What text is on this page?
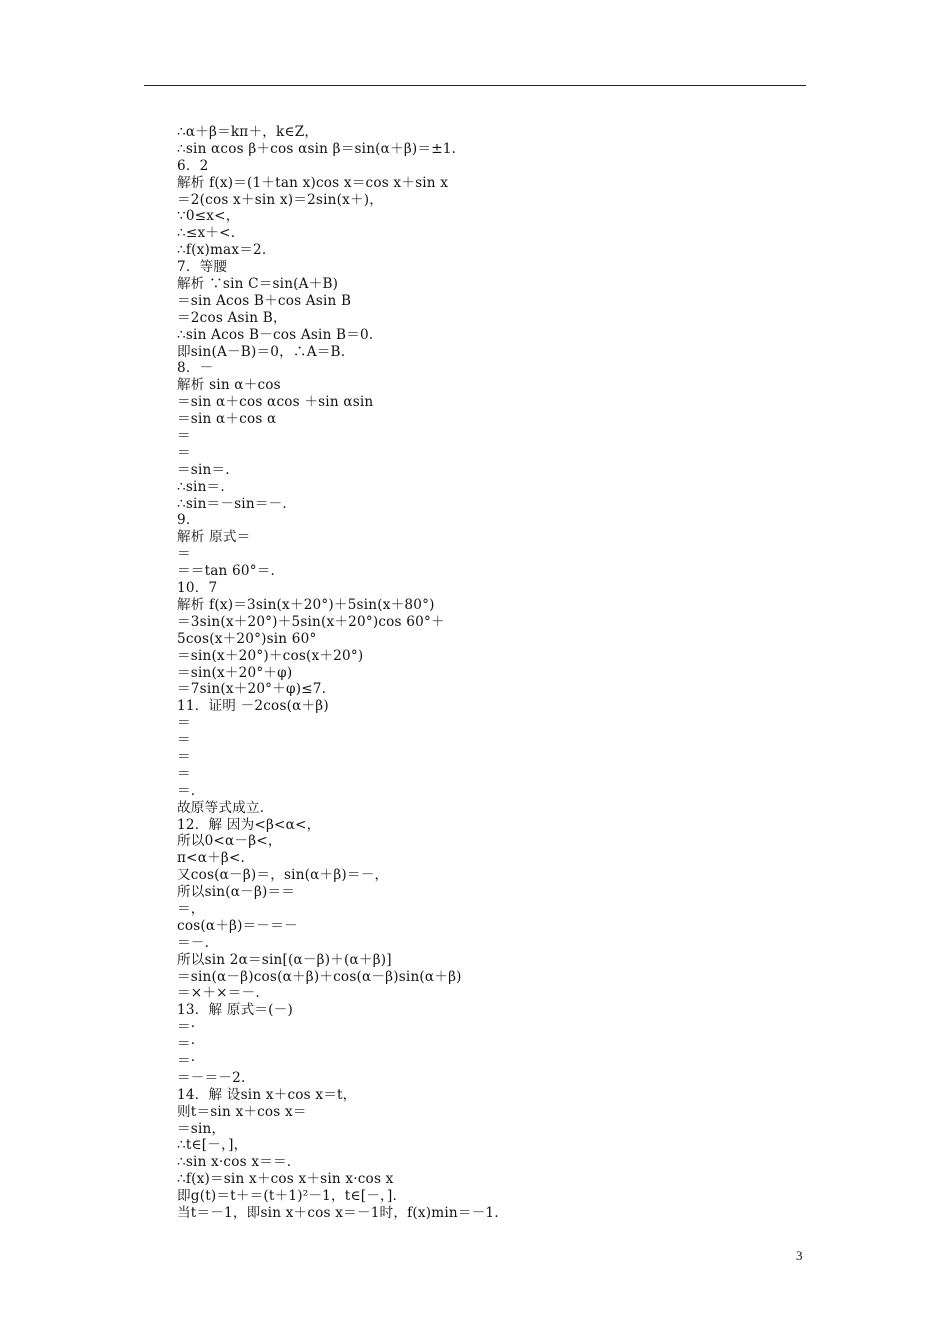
∴α＋β＝kπ＋，k∈Z，
∴sin αcos β＋cos αsin β＝sin(α＋β)＝±1.
6．2
解析 f(x)＝(1＋tan x)cos x＝cos x＋sin x
＝2(cos x＋sin x)＝2sin(x＋)，
∵0≤x<，
∴≤x＋<.
∴f(x)max＝2.
7．等腰
解析 ∵sin C＝sin(A＋B)
＝sin Acos B＋cos Asin B
＝2cos Asin B，
∴sin Acos B－cos Asin B＝0.
即sin(A－B)＝0，∴A＝B.
8．－
解析 sin α＋cos
＝sin α＋cos αcos ＋sin αsin
＝sin α＋cos α
＝
＝
＝sin＝.
∴sin＝.
∴sin＝－sin＝－.
9.
解析 原式＝
＝
＝＝tan 60°＝.
10．7
解析 f(x)＝3sin(x＋20°)＋5sin(x＋80°)
＝3sin(x＋20°)＋5sin(x＋20°)cos 60°＋
5cos(x＋20°)sin 60°
＝sin(x＋20°)＋cos(x＋20°)
＝sin(x＋20°＋φ)
＝7sin(x＋20°＋φ)≤7.
11．证明 －2cos(α＋β)
＝
＝
＝
＝
＝.
故原等式成立.
12．解 因为<β<α<，
所以0<α－β<，
π<α＋β<.
又cos(α－β)＝，sin(α＋β)＝－，
所以sin(α－β)＝＝
＝，
cos(α＋β)＝－＝－
＝－.
所以sin 2α＝sin[(α－β)＋(α＋β)]
＝sin(α－β)cos(α＋β)＋cos(α－β)sin(α＋β)
＝×＋×＝－.
13．解 原式＝(－)
＝·
＝·
＝·
＝－＝－2.
14．解 设sin x＋cos x＝t，
则t＝sin x＋cos x＝
＝sin，
∴t∈[－，]，
∴sin x·cos x＝＝.
∴f(x)＝sin x＋cos x＋sin x·cos x
即g(t)＝t＋＝(t＋1)²－1，t∈[－，].
当t＝－1，即sin x＋cos x＝－1时，f(x)min＝－1.
3
